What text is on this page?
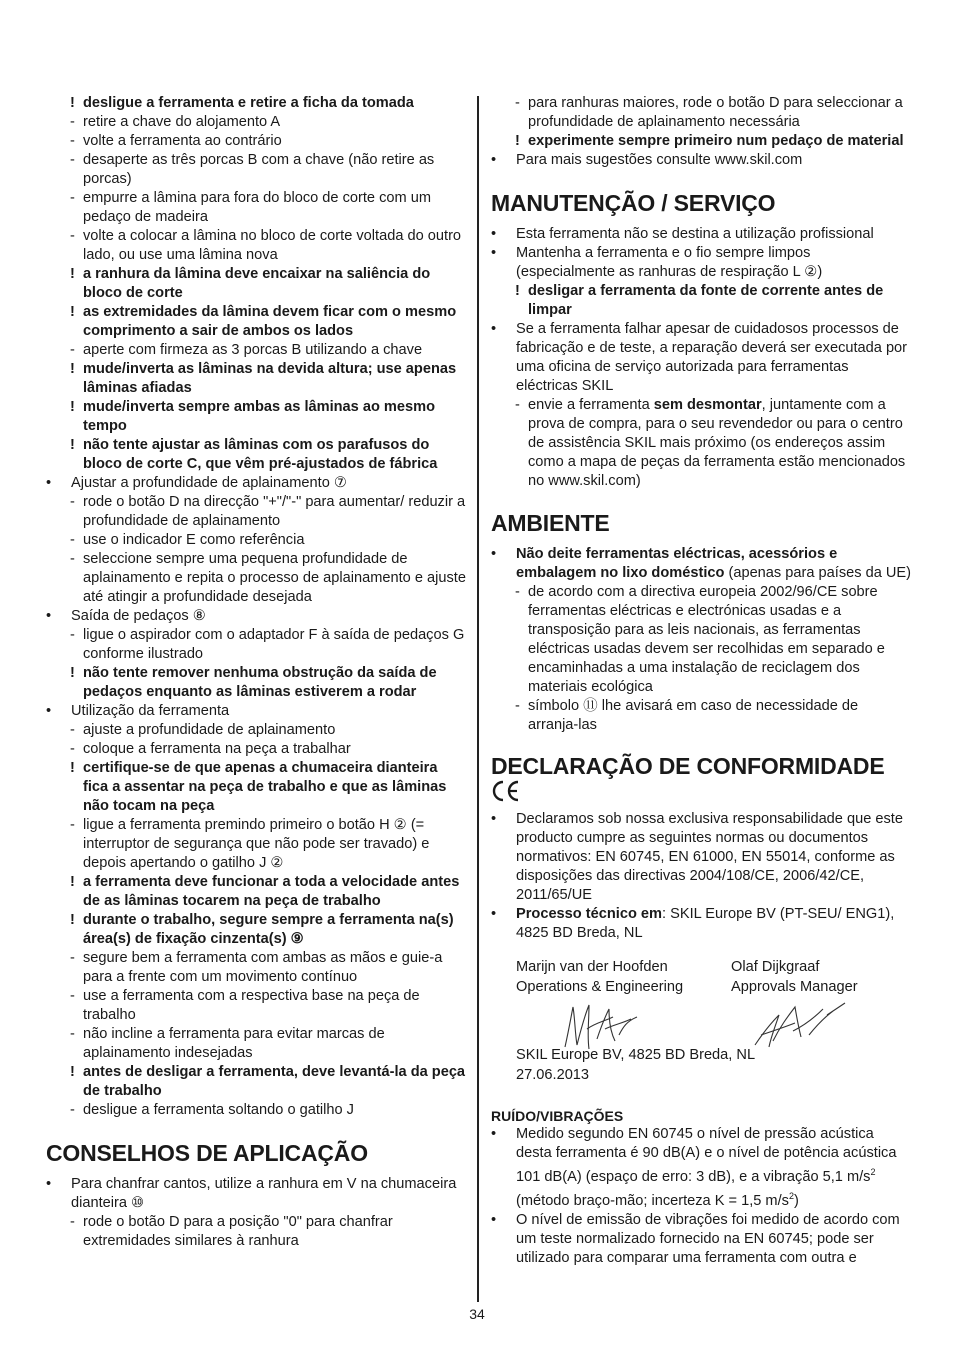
! desligue a ferramenta e retire a ficha da tomada
- retire a chave do alojamento A
- volte a ferramenta ao contrário
- desaperte as três porcas B com a chave (não retire as porcas)
- empurre a lâmina para fora do bloco de corte com um pedaço de madeira
- volte a colocar a lâmina no bloco de corte voltada do outro lado, ou use uma lâmina nova
! a ranhura da lâmina deve encaixar na saliência do bloco de corte
! as extremidades da lâmina devem ficar com o mesmo comprimento a sair de ambos os lados
- aperte com firmeza as 3 porcas B utilizando a chave
! mude/inverta as lâminas na devida altura; use apenas lâminas afiadas
! mude/inverta sempre ambas as lâminas ao mesmo tempo
! não tente ajustar as lâminas com os parafusos do bloco de corte C, que vêm pré-ajustados de fábrica
• Ajustar a profundidade de aplainamento ⑦
- rode o botão D na direcção "+"/"-" para aumentar/ reduzir a profundidade de aplainamento
- use o indicador E como referência
- seleccione sempre uma pequena profundidade de aplainamento e repita o processo de aplainamento e ajuste até atingir a profundidade desejada
• Saída de pedaços ⑧
- ligue o aspirador com o adaptador F à saída de pedaços G conforme ilustrado
! não tente remover nenhuma obstrução da saída de pedaços enquanto as lâminas estiverem a rodar
• Utilização da ferramenta
- ajuste a profundidade de aplainamento
- coloque a ferramenta na peça a trabalhar
! certifique-se de que apenas a chumaceira dianteira fica a assentar na peça de trabalho e que as lâminas não tocam na peça
- ligue a ferramenta premindo primeiro o botão H ② (= interruptor de segurança que não pode ser travado) e depois apertando o gatilho J ②
! a ferramenta deve funcionar a toda a velocidade antes de as lâminas tocarem na peça de trabalho
! durante o trabalho, segure sempre a ferramenta na(s) área(s) de fixação cinzenta(s) ⑨
- segure bem a ferramenta com ambas as mãos e guie-a para a frente com um movimento contínuo
- use a ferramenta com a respectiva base na peça de trabalho
- não incline a ferramenta para evitar marcas de aplainamento indesejadas
! antes de desligar a ferramenta, deve levantá-la da peça de trabalho
- desligue a ferramenta soltando o gatilho J
CONSELHOS DE APLICAÇÃO
• Para chanfrar cantos, utilize a ranhura em V na chumaceira dianteira ⑩
- rode o botão D para a posição "0" para chanfrar extremidades similares à ranhura
- para ranhuras maiores, rode o botão D para seleccionar a profundidade de aplainamento necessária
! experimente sempre primeiro num pedaço de material
• Para mais sugestões consulte www.skil.com
MANUTENÇÃO / SERVIÇO
• Esta ferramenta não se destina a utilização profissional
• Mantenha a ferramenta e o fio sempre limpos (especialmente as ranhuras de respiração L ②)
! desligar a ferramenta da fonte de corrente antes de limpar
• Se a ferramenta falhar apesar de cuidadosos processos de fabricação e de teste, a reparação deverá ser executada por uma oficina de serviço autorizada para ferramentas eléctricas SKIL
- envie a ferramenta sem desmontar, juntamente com a prova de compra, para o seu revendedor ou para o centro de assistência SKIL mais próximo (os endereços assim como a mapa de peças da ferramenta estão mencionados no www.skil.com)
AMBIENTE
• Não deite ferramentas eléctricas, acessórios e embalagem no lixo doméstico (apenas para países da UE)
- de acordo com a directiva europeia 2002/96/CE sobre ferramentas eléctricas e electrónicas usadas e a transposição para as leis nacionais, as ferramentas eléctricas usadas devem ser recolhidas em separado e encaminhadas a uma instalação de reciclagem dos materiais ecológica
- símbolo ⑪ lhe avisará em caso de necessidade de arranja-las
DECLARAÇÃO DE CONFORMIDADE
• Declaramos sob nossa exclusiva responsabilidade que este producto cumpre as seguintes normas ou documentos normativos: EN 60745, EN 61000, EN 55014, conforme as disposições das directivas 2004/108/CE, 2006/42/CE, 2011/65/UE
• Processo técnico em: SKIL Europe BV (PT-SEU/ ENG1), 4825 BD Breda, NL
Marijn van der Hoofden
Operations & Engineering
Olaf Dijkgraaf
Approvals Manager
SKIL Europe BV, 4825 BD Breda, NL
27.06.2013
RUÍDO/VIBRAÇÕES
• Medido segundo EN 60745 o nível de pressão acústica desta ferramenta é 90 dB(A) e o nível de potência acústica 101 dB(A) (espaço de erro: 3 dB), e a vibração 5,1 $m/s^2$ (método braço-mão; incerteza K = 1,5 $m/s^2$)
• O nível de emissão de vibrações foi medido de acordo com um teste normalizado fornecido na EN 60745; pode ser utilizado para comparar uma ferramenta com outra e
34
